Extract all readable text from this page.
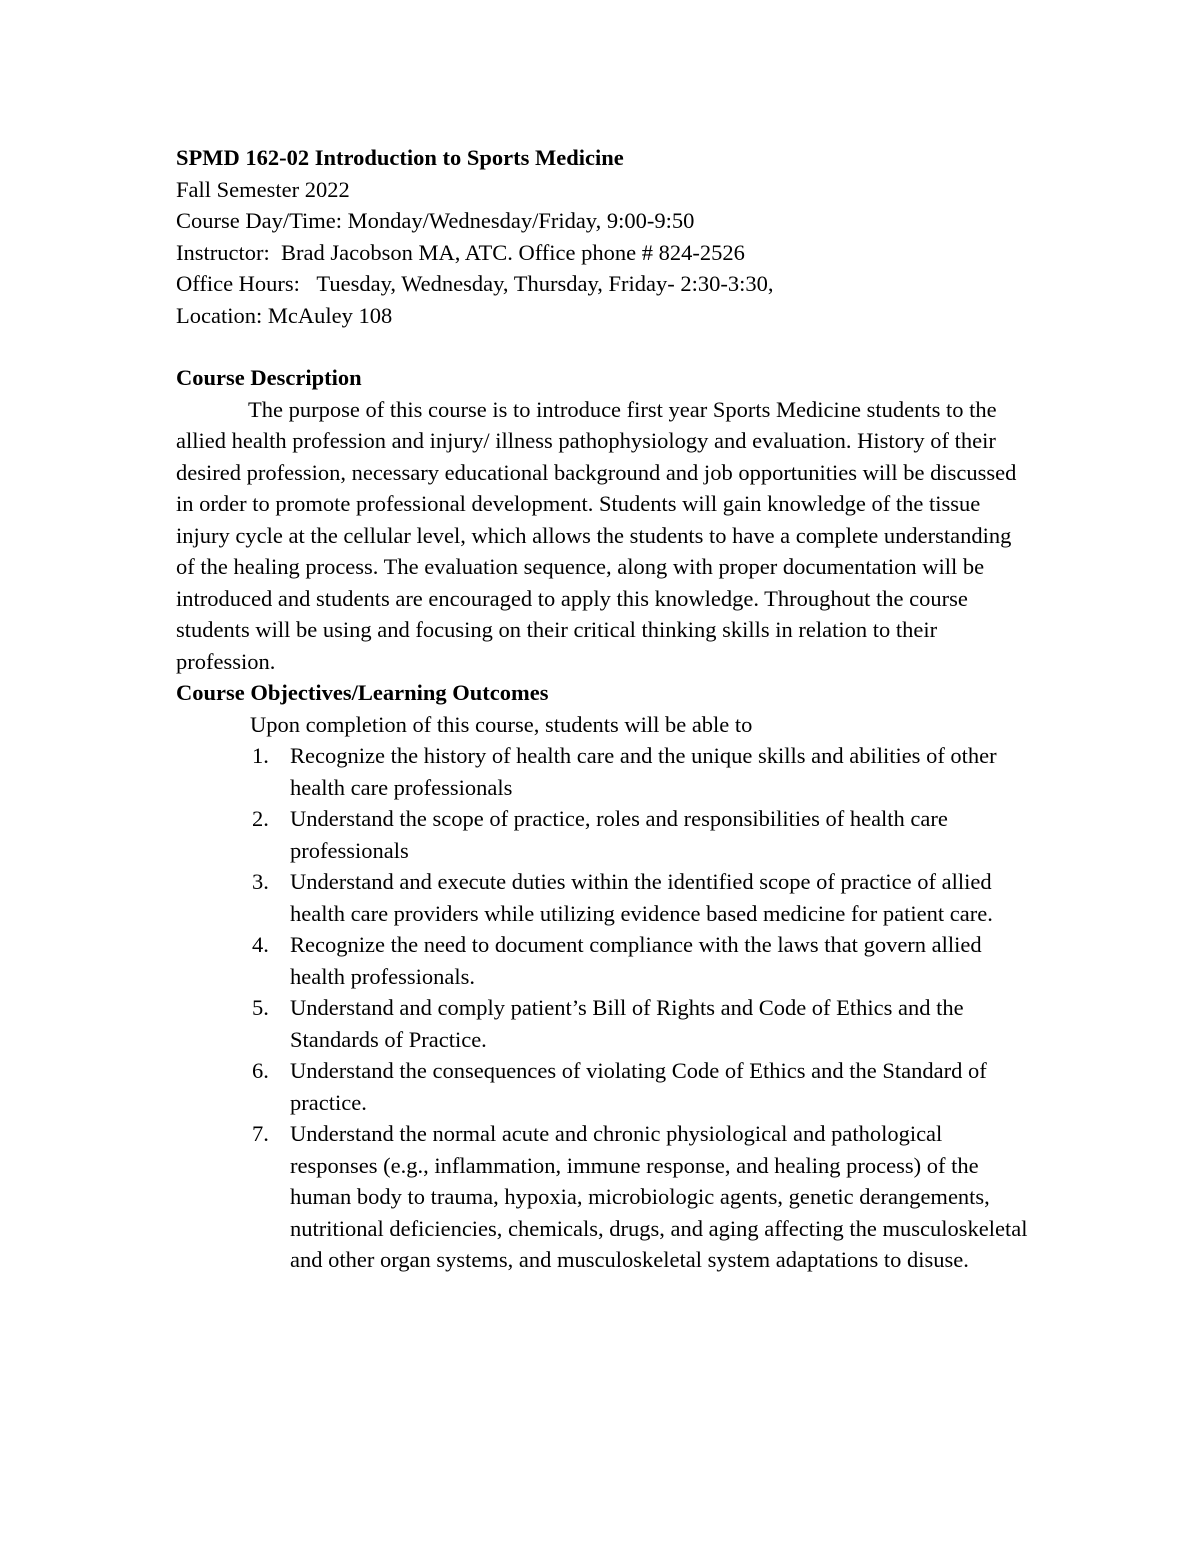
SPMD 162-02 Introduction to Sports Medicine
Fall Semester 2022
Course Day/Time: Monday/Wednesday/Friday, 9:00-9:50
Instructor:  Brad Jacobson MA, ATC. Office phone # 824-2526
Office Hours:   Tuesday, Wednesday, Thursday, Friday- 2:30-3:30,
Location: McAuley 108
Course Description
The purpose of this course is to introduce first year Sports Medicine students to the allied health profession and injury/ illness pathophysiology and evaluation. History of their desired profession, necessary educational background and job opportunities will be discussed in order to promote professional development. Students will gain knowledge of the tissue injury cycle at the cellular level, which allows the students to have a complete understanding of the healing process. The evaluation sequence, along with proper documentation will be introduced and students are encouraged to apply this knowledge. Throughout the course students will be using and focusing on their critical thinking skills in relation to their profession.
Course Objectives/Learning Outcomes
Upon completion of this course, students will be able to
1. Recognize the history of health care and the unique skills and abilities of other health care professionals
2. Understand the scope of practice, roles and responsibilities of health care professionals
3. Understand and execute duties within the identified scope of practice of allied health care providers while utilizing evidence based medicine for patient care.
4. Recognize the need to document compliance with the laws that govern allied health professionals.
5. Understand and comply patient’s Bill of Rights and Code of Ethics and the Standards of Practice.
6. Understand the consequences of violating Code of Ethics and the Standard of practice.
7. Understand the normal acute and chronic physiological and pathological responses (e.g., inflammation, immune response, and healing process) of the human body to trauma, hypoxia, microbiologic agents, genetic derangements, nutritional deficiencies, chemicals, drugs, and aging affecting the musculoskeletal and other organ systems, and musculoskeletal system adaptations to disuse.
